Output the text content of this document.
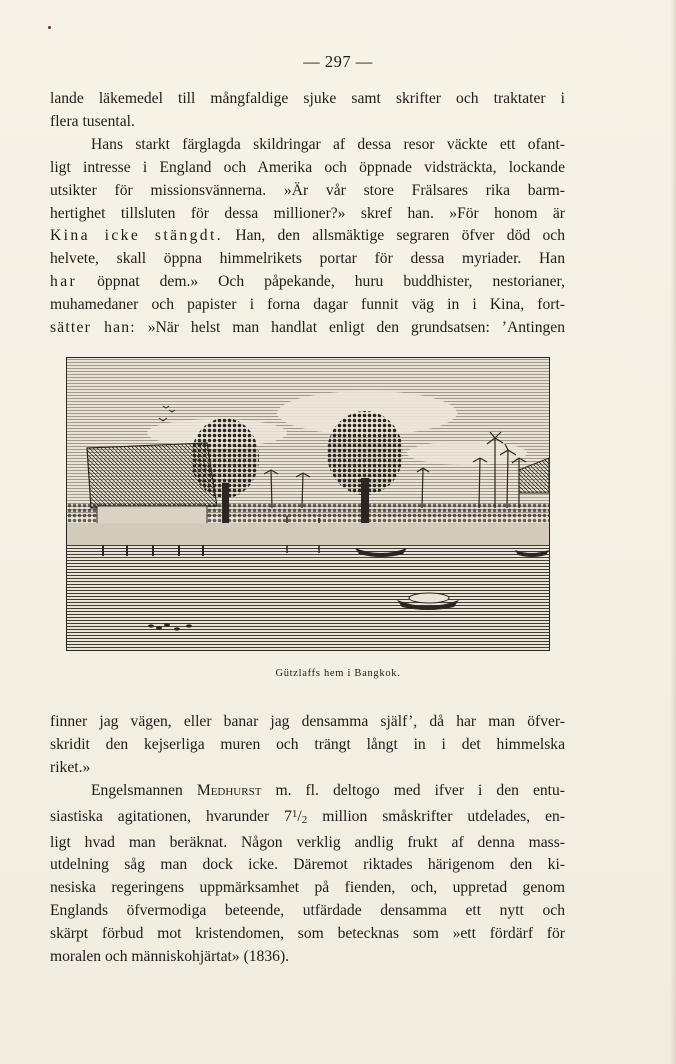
— 297 —
lande läkemedel till mångfaldige sjuke samt skrifter och traktater i
flera tusental.
Hans starkt färglagda skildringar af dessa resor väckte ett ofant-
ligt intresse i England och Amerika och öppnade vidsträckta, lockande
utsikter för missionsvännerna. »Är vår store Frälsares rika barm-
hertighet tillsluten för dessa millioner?» skref han. »För honom är
Kina icke stängdt. Han, den allsmäktige segraren öfver död och
helvete, skall öppna himmelrikets portar för dessa myriader. Han
har öppnat dem.» Och påpekande, huru buddhister, nestorianer,
muhamedaner och papister i forna dagar funnit väg in i Kina, fort-
sätter han: »När helst man handlat enligt den grundsatsen: ’Antingen
Gützlaffs hem i Bangkok.
finner jag vägen, eller banar jag densamma själf’, då har man öfver-
skridit den kejserliga muren och trängt långt in i det himmelska
riket.»
Engelsmannen Medhurst m. fl. deltogo med ifver i den entu-
siastiska agitationen, hvarunder $7^1/2$ million småskrifter utdelades, en-
ligt hvad man beräknat. Någon verklig andlig frukt af denna mass-
utdelning såg man dock icke. Däremot riktades härigenom den ki-
nesiska regeringens uppmärksamhet på fienden, och, uppretad genom
Englands öfvermodiga beteende, utfärdade densamma ett nytt och
skärpt förbud mot kristendomen, som betecknas som »ett fördärf för
moralen och människohjärtat» (1836).
